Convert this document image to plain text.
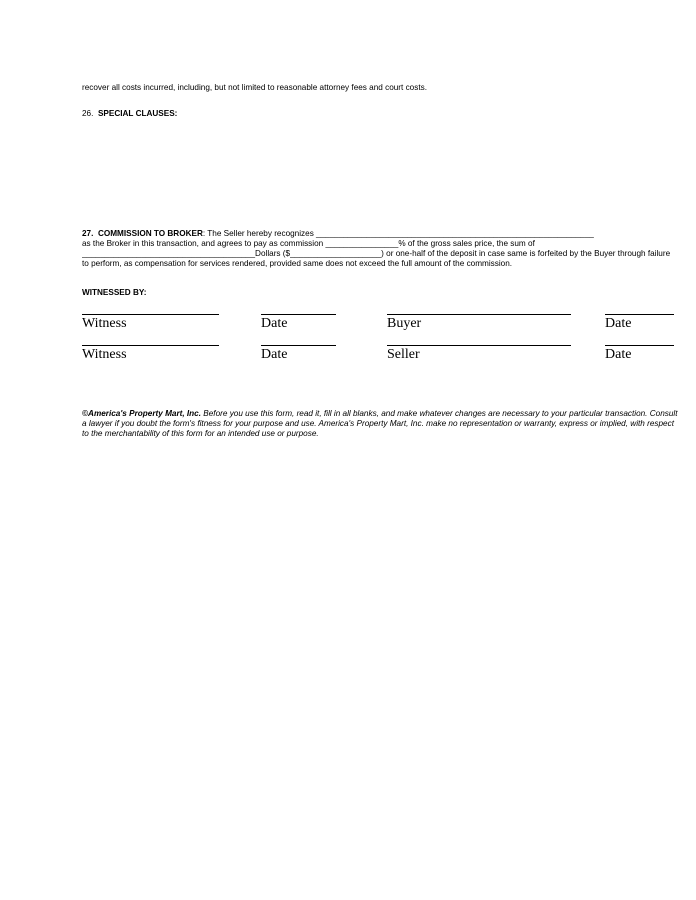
recover all costs incurred, including, but not limited to reasonable attorney fees and court costs.
26. SPECIAL CLAUSES:
27. COMMISSION TO BROKER: The Seller hereby recognizes _____________________________________________________________
as the Broker in this transaction, and agrees to pay as commission ________________% of the gross sales price, the sum of
______________________________________Dollars ($____________________) or one-half of the deposit in case same is forfeited by the Buyer through failure
to perform, as compensation for services rendered, provided same does not exceed the full amount of the commission.
WITNESSED BY:
Witness	Date	Buyer	Date
Witness	Date	Seller	Date
©America's Property Mart, Inc. Before you use this form, read it, fill in all blanks, and make whatever changes are necessary to your particular transaction. Consult
a lawyer if you doubt the form's fitness for your purpose and use. America's Property Mart, Inc. make no representation or warranty, express or implied, with respect
to the merchantability of this form for an intended use or purpose.
